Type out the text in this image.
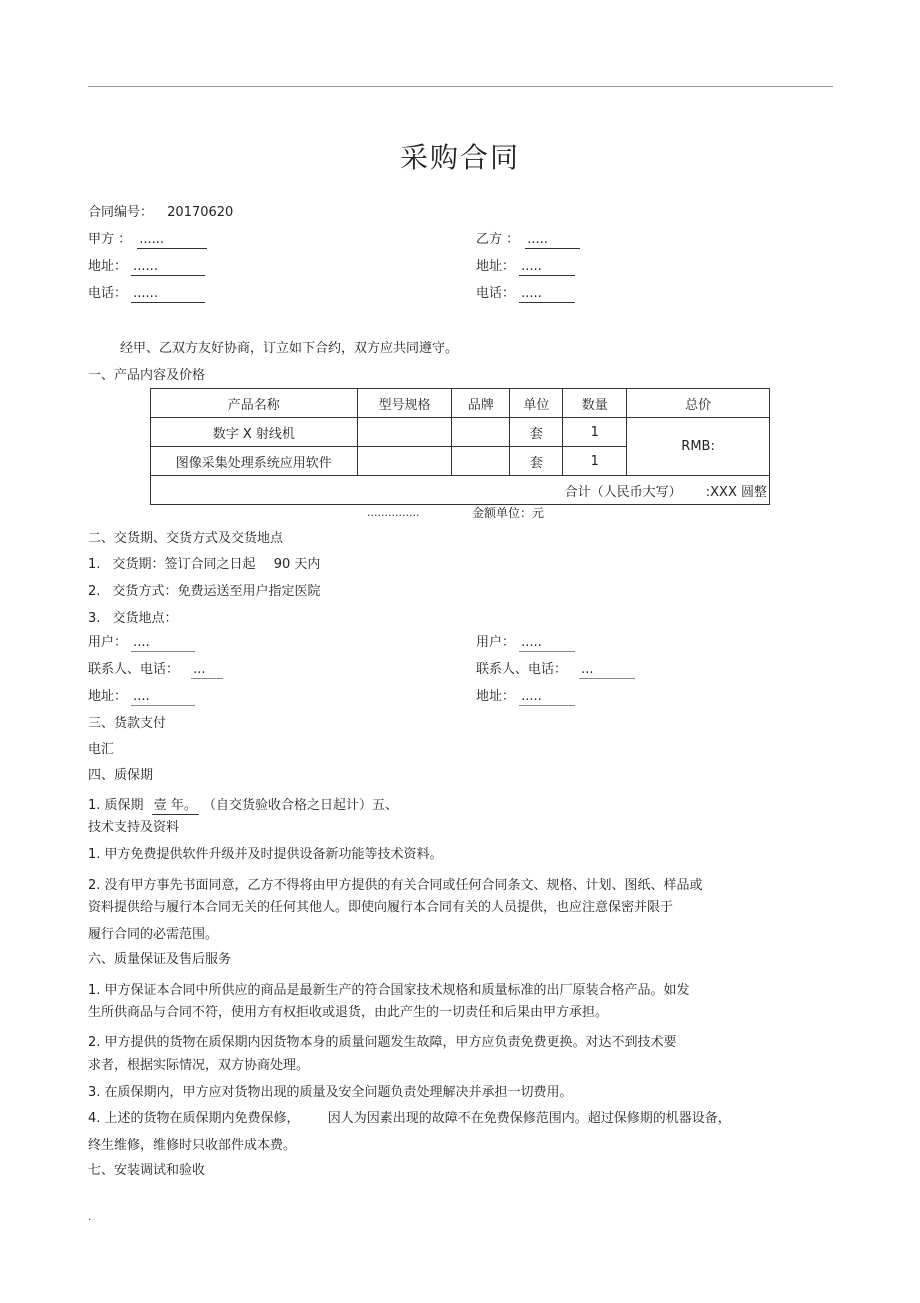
采购合同
合同编号： 20170620
甲方 ： ......	乙方 ： .....
地址： ......	地址： .....
电话： ......	电话： .....
经甲、乙双方友好协商，订立如下合约，双方应共同遵守。
一、产品内容及价格
产品名称	型号规格	品牌	单位	数量	总价
数字 X 射线机			套	1	RMB:
图像采集处理系统应用软件			套	1	
合计（人民币大写） :XXX 圆整					
...............	金额单位：元
二、交货期、交货方式及交货地点
1. 交货期：签订合同之日起 90 天内
2. 交货方式：免费运送至用户指定医院
3. 交货地点：
用户： ....	用户： .....
联系人、电话： ...	联系人、电话： ...
地址： ....	地址： .....
三、货款支付
电汇
四、质保期
1. 质保期 壹 年。 （自交货验收合格之日起计）五、
技术支持及资料
1. 甲方免费提供软件升级并及时提供设备新功能等技术资料。
2. 没有甲方事先书面同意，乙方不得将由甲方提供的有关合同或任何合同条文、规格、计划、图纸、样品或
资料提供给与履行本合同无关的任何其他人。即使向履行本合同有关的人员提供，也应注意保密并限于
履行合同的必需范围。
六、质量保证及售后服务
1. 甲方保证本合同中所供应的商品是最新生产的符合国家技术规格和质量标准的出厂原装合格产品。如发
生所供商品与合同不符，使用方有权拒收或退货，由此产生的一切责任和后果由甲方承担。
2. 甲方提供的货物在质保期内因货物本身的质量问题发生故障，甲方应负责免费更换。对达不到技术要
求者，根据实际情况，双方协商处理。
3. 在质保期内，甲方应对货物出现的质量及安全问题负责处理解决并承担一切费用。
4. 上述的货物在质保期内免费保修， 因人为因素出现的故障不在免费保修范围内。超过保修期的机器设备，
终生维修，维修时只收部件成本费。
七、安装调试和验收
.
